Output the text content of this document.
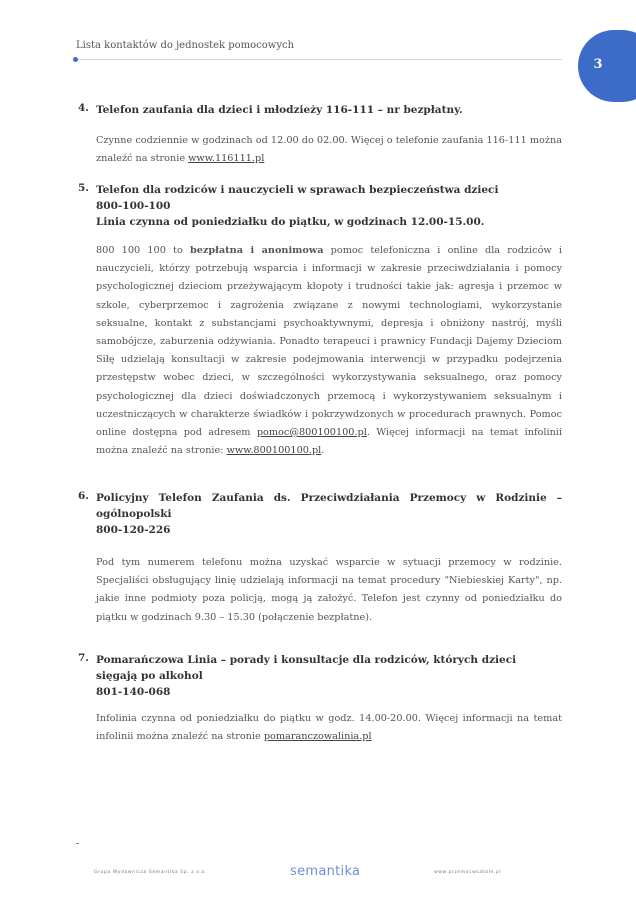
Lista kontaktów do jednostek pomocowych
3
4. Telefon zaufania dla dzieci i młodzieży 116-111 – nr bezpłatny.
Czynne codziennie w godzinach od 12.00 do 02.00. Więcej o telefonie zaufania 116-111 można znaleźć na stronie www.116111.pl
5. Telefon dla rodziców i nauczycieli w sprawach bezpieczeństwa dzieci
800-100-100
Linia czynna od poniedziałku do piątku, w godzinach 12.00-15.00.
800 100 100 to bezpłatna i anonimowa pomoc telefoniczna i online dla rodziców i nauczycieli, którzy potrzebują wsparcia i informacji w zakresie przeciwdziałania i pomocy psychologicznej dzieciom przeżywającym kłopoty i trudności takie jak: agresja i przemoc w szkole, cyberprzemoc i zagrożenia związane z nowymi technologiami, wykorzystanie seksualne, kontakt z substancjami psychoaktywnymi, depresja i obniżony nastrój, myśli samobójcze, zaburzenia odżywiania. Ponadto terapeuci i prawnicy Fundacji Dajemy Dzieciom Siłę udzielają konsultacji w zakresie podejmowania interwencji w przypadku podejrzenia przestępstw wobec dzieci, w szczególności wykorzystywania seksualnego, oraz pomocy psychologicznej dla dzieci doświadczonych przemocą i wykorzystywaniem seksualnym i uczestniczących w charakterze świadków i pokrzywdzonych w procedurach prawnych. Pomoc online dostępna pod adresem pomoc@800100100.pl. Więcej informacji na temat infolinii można znaleźć na stronie: www.800100100.pl.
6. Policyjny Telefon Zaufania ds. Przeciwdziałania Przemocy w Rodzinie – ogólnopolski
800-120-226
Pod tym numerem telefonu można uzyskać wsparcie w sytuacji przemocy w rodzinie. Specjaliści obsługujący linię udzielają informacji na temat procedury "Niebieskiej Karty", np. jakie inne podmioty poza policją, mogą ją założyć. Telefon jest czynny od poniedziałku do piątku w godzinach 9.30 – 15.30 (połączenie bezpłatne).
7. Pomarańczowa Linia – porady i konsultacje dla rodziców, których dzieci
sięgają po alkohol
801-140-068
Infolinia czynna od poniedziałku do piątku w godz. 14.00-20.00. Więcej informacji na temat infolinii można znaleźć na stronie pomaranczowalinia.pl
Grupa Wydawnicza Semantika Sp. z o.o.	semantika	www.przemocwszkole.pl
